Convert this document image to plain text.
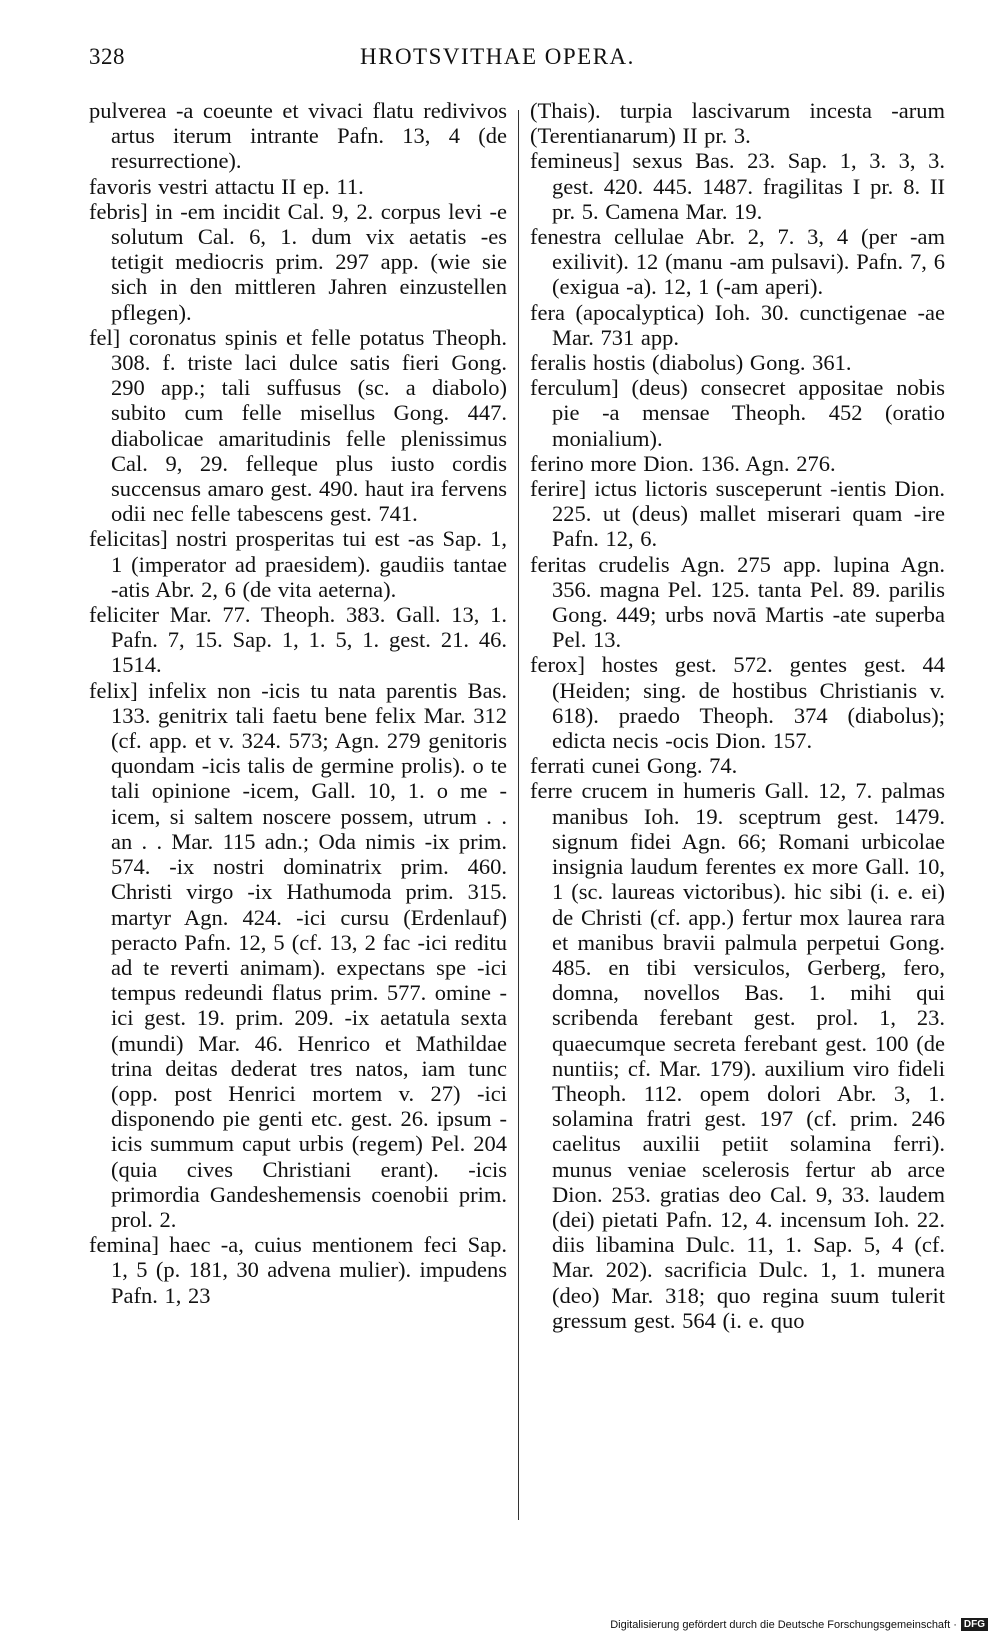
328	HROTSVITHAE OPERA.

pulverea -a coeunte et vivaci flatu redivivos artus iterum intrante Pafn. 13, 4 (de resurrectione).

favoris vestri attactu II ep. 11.

febris] in -em incidit Cal. 9, 2. corpus levi -e solutum Cal. 6, 1. dum vix aetatis -es tetigit mediocris prim. 297 app. (wie sie sich in den mittleren Jahren einzustellen pflegen).

fel] coronatus spinis et felle potatus Theoph. 308. f. triste laci dulce satis fieri Gong. 290 app.; tali suffusus (sc. a diabolo) subito cum felle misellus Gong. 447. diabolicae amaritudinis felle plenissimus Cal. 9, 29. felleque plus iusto cordis succensus amaro gest. 490. haut ira fervens odii nec felle tabescens gest. 741.

felicitas] nostri prosperitas tui est -as Sap. 1, 1 (imperator ad praesidem). gaudiis tantae -atis Abr. 2, 6 (de vita aeterna).

feliciter Mar. 77. Theoph. 383. Gall. 13, 1. Pafn. 7, 15. Sap. 1, 1. 5, 1. gest. 21. 46. 1514.

felix] infelix non -icis tu nata parentis Bas. 133. genitrix tali faetu bene felix Mar. 312 (cf. app. et v. 324. 573; Agn. 279 genitoris quondam -icis talis de germine prolis). o te tali opinione -icem, Gall. 10, 1. o me -icem, si saltem noscere possem, utrum . . an . . Mar. 115 adn.; Oda nimis -ix prim. 574. -ix nostri dominatrix prim. 460. Christi virgo -ix Hathumoda prim. 315. martyr Agn. 424. -ici cursu (Erdenlauf) peracto Pafn. 12, 5 (cf. 13, 2 fac -ici reditu ad te reverti animam). expectans spe -ici tempus redeundi flatus prim. 577. omine -ici gest. 19. prim. 209. -ix aetatula sexta (mundi) Mar. 46. Henrico et Mathildae trina deitas dederat tres natos, iam tunc (opp. post Henrici mortem v. 27) -ici disponendo pie genti etc. gest. 26. ipsum -icis summum caput urbis (regem) Pel. 204 (quia cives Christiani erant). -icis primordia Gandeshemensis coenobii prim. prol. 2.

femina] haec -a, cuius mentionem feci Sap. 1, 5 (p. 181, 30 advena mulier). impudens Pafn. 1, 23

(Thais). turpia lascivarum incesta -arum (Terentianarum) II pr. 3.

femineus] sexus Bas. 23. Sap. 1, 3. 3, 3. gest. 420. 445. 1487. fragilitas I pr. 8. II pr. 5. Camena Mar. 19.

fenestra cellulae Abr. 2, 7. 3, 4 (per -am exilivit). 12 (manu -am pulsavi). Pafn. 7, 6 (exigua -a). 12, 1 (-am aperi).

fera (apocalyptica) Ioh. 30. cunctigenae -ae Mar. 731 app.

feralis hostis (diabolus) Gong. 361.

ferculum] (deus) consecret appositae nobis pie -a mensae Theoph. 452 (oratio monialium).

ferino more Dion. 136. Agn. 276.

ferire] ictus lictoris susceperunt -ientis Dion. 225. ut (deus) mallet miserari quam -ire Pafn. 12, 6.

feritas crudelis Agn. 275 app. lupina Agn. 356. magna Pel. 125. tanta Pel. 89. parilis Gong. 449; urbs novā Martis -ate superba Pel. 13.

ferox] hostes gest. 572. gentes gest. 44 (Heiden; sing. de hostibus Christianis v. 618). praedo Theoph. 374 (diabolus); edicta necis -ocis Dion. 157.

ferrati cunei Gong. 74.

ferre crucem in humeris Gall. 12, 7. palmas manibus Ioh. 19. sceptrum gest. 1479. signum fidei Agn. 66; Romani urbicolae insignia laudum ferentes ex more Gall. 10, 1 (sc. laureas victoribus). hic sibi (i. e. ei) de Christi (cf. app.) fertur mox laurea rara et manibus bravii palmula perpetui Gong. 485. en tibi versiculos, Gerberg, fero, domna, novellos Bas. 1. mihi qui scribenda ferebant gest. prol. 1, 23. quaecumque secreta ferebant gest. 100 (de nuntiis; cf. Mar. 179). auxilium viro fideli Theoph. 112. opem dolori Abr. 3, 1. solamina fratri gest. 197 (cf. prim. 246 caelitus auxilii petiit solamina ferri). munus veniae scelerosis fertur ab arce Dion. 253. gratias deo Cal. 9, 33. laudem (dei) pietati Pafn. 12, 4. incensum Ioh. 22. diis libamina Dulc. 11, 1. Sap. 5, 4 (cf. Mar. 202). sacrificia Dulc. 1, 1. munera (deo) Mar. 318; quo regina suum tulerit gressum gest. 564 (i. e. quo

Digitalisierung gefördert durch die Deutsche Forschungsgemeinschaft · DFG
